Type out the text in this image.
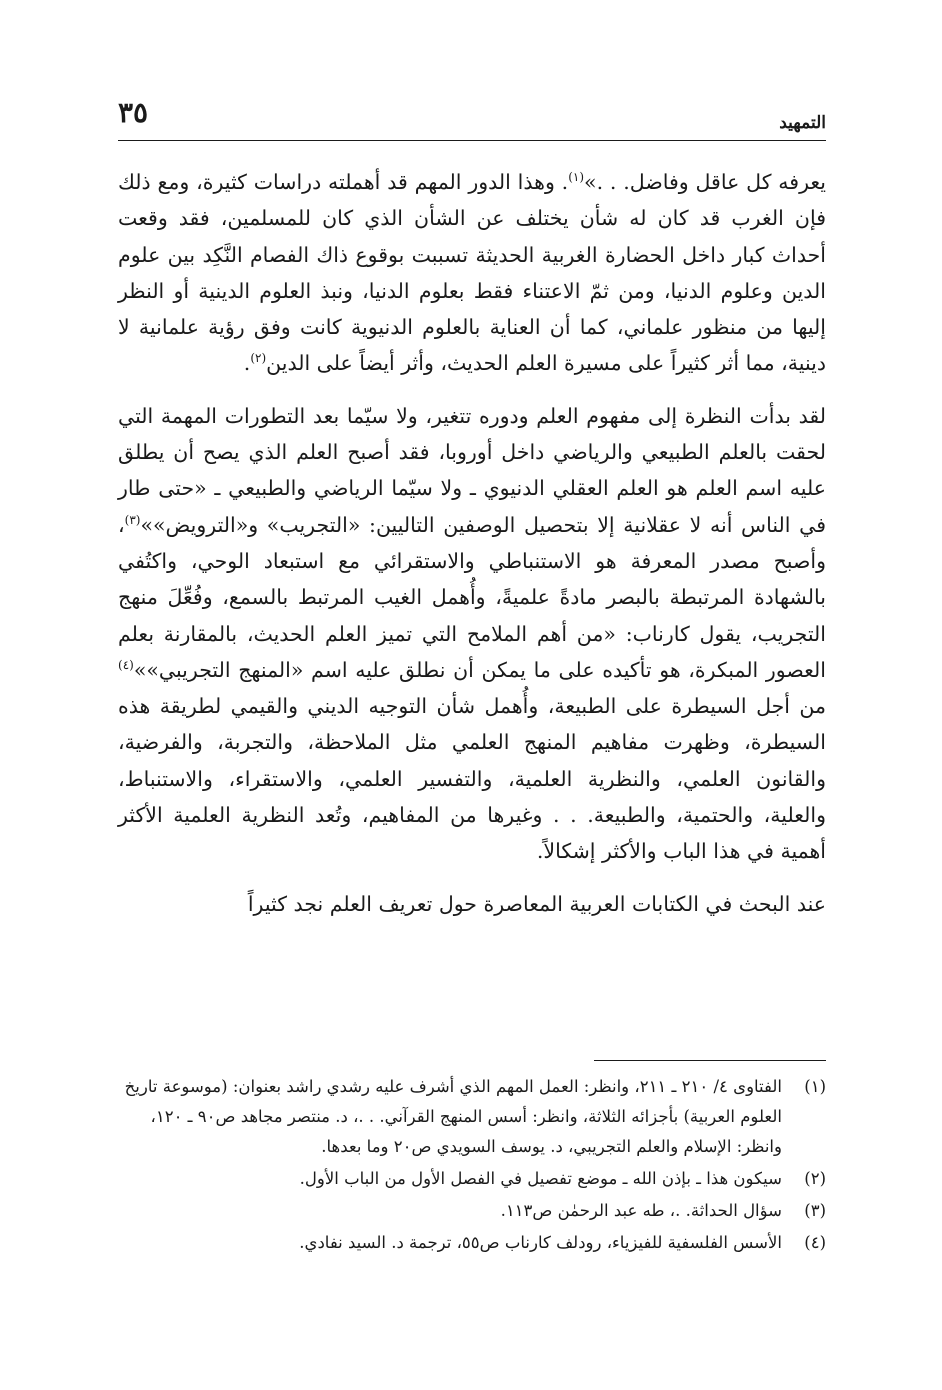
٣٥	التمهيد

يعرفه كل عاقل وفاضل. . .»$^{(١)}$. وهذا الدور المهم قد أهملته دراسات كثيرة، ومع ذلك فإن الغرب قد كان له شأن يختلف عن الشأن الذي كان للمسلمين، فقد وقعت أحداث كبار داخل الحضارة الغربية الحديثة تسببت بوقوع ذاك الفصام النَّكِد بين علوم الدين وعلوم الدنيا، ومن ثمّ الاعتناء فقط بعلوم الدنيا، ونبذ العلوم الدينية أو النظر إليها من منظور علماني، كما أن العناية بالعلوم الدنيوية كانت وفق رؤية علمانية لا دينية، مما أثر كثيراً على مسيرة العلم الحديث، وأثر أيضاً على الدين$^{(٢)}$.

لقد بدأت النظرة إلى مفهوم العلم ودوره تتغير، ولا سيّما بعد التطورات المهمة التي لحقت بالعلم الطبيعي والرياضي داخل أوروبا، فقد أصبح العلم الذي يصح أن يطلق عليه اسم العلم هو العلم العقلي الدنيوي ـ ولا سيّما الرياضي والطبيعي ـ «حتى طار في الناس أنه لا عقلانية إلا بتحصيل الوصفين التاليين: «التجريب» و«الترويض»»$^{(٣)}$، وأصبح مصدر المعرفة هو الاستنباطي والاستقرائي مع استبعاد الوحي، واكتُفي بالشهادة المرتبطة بالبصر مادةً علميةً، وأُهمل الغيب المرتبط بالسمع، وفُعِّلَ منهج التجريب، يقول كارناب: «من أهم الملامح التي تميز العلم الحديث، بالمقارنة بعلم العصور المبكرة، هو تأكيده على ما يمكن أن نطلق عليه اسم «المنهج التجريبي»»$^{(٤)}$ من أجل السيطرة على الطبيعة، وأُهمل شأن التوجيه الديني والقيمي لطريقة هذه السيطرة، وظهرت مفاهيم المنهج العلمي مثل الملاحظة، والتجربة، والفرضية، والقانون العلمي، والنظرية العلمية، والتفسير العلمي، والاستقراء، والاستنباط، والعلية، والحتمية، والطبيعة. . . وغيرها من المفاهيم، وتُعد النظرية العلمية الأكثر أهمية في هذا الباب والأكثر إشكالاً.

عند البحث في الكتابات العربية المعاصرة حول تعريف العلم نجد كثيراً

(١)
الفتاوى ٤/ ٢١٠ ـ ٢١١، وانظر: العمل المهم الذي أشرف عليه رشدي راشد بعنوان: (موسوعة تاريخ العلوم العربية) بأجزائه الثلاثة، وانظر: أسس المنهج القرآني. . .، د. منتصر مجاهد ص٩٠ ـ ١٢٠، وانظر: الإسلام والعلم التجريبي، د. يوسف السويدي ص٢٠ وما بعدها.
(٢)
سيكون هذا ـ بإذن الله ـ موضع تفصيل في الفصل الأول من الباب الأول.
(٣)
سؤال الحداثة. .، طه عبد الرحمٰن ص١١٣.
(٤)
الأسس الفلسفية للفيزياء، رودلف كارناب ص٥٥، ترجمة د. السيد نفادي.
